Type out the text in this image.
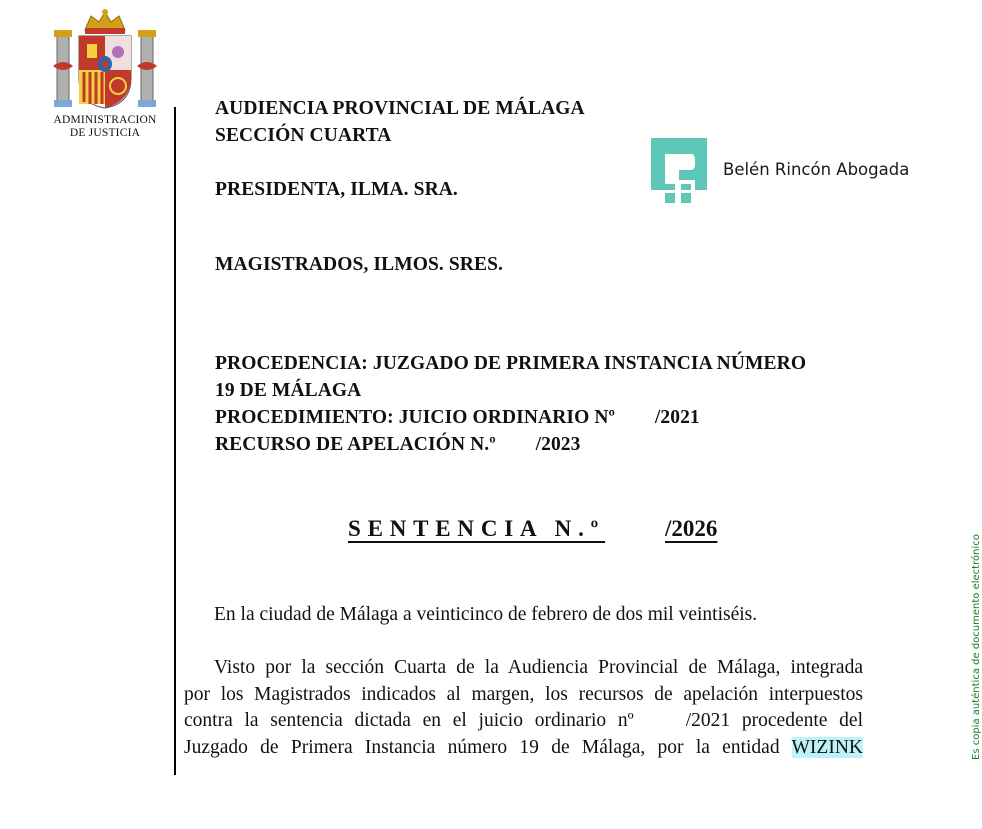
ADMINISTRACION
DE JUSTICIA
AUDIENCIA PROVINCIAL DE MÁLAGA
SECCIÓN CUARTA
PRESIDENTA, ILMA. SRA.
MAGISTRADOS, ILMOS. SRES.
PROCEDENCIA: JUZGADO DE PRIMERA INSTANCIA NÚMERO
19 DE MÁLAGA
PROCEDIMIENTO: JUICIO ORDINARIO Nº        /2021
RECURSO DE APELACIÓN N.º        /2023
Belén Rincón Abogada
SENTENCIA N.º	/2026
En la ciudad de Málaga a veinticinco de febrero de dos mil veintiséis.
Visto por la sección Cuarta de la Audiencia Provincial de Málaga, integrada
por los Magistrados indicados al margen, los recursos de apelación interpuestos
contra la sentencia dictada en el juicio ordinario nº	/2021 procedente del
Juzgado de Primera Instancia número 19 de Málaga, por la entidad WIZINK	Es copia auténtica de documento electrónico
